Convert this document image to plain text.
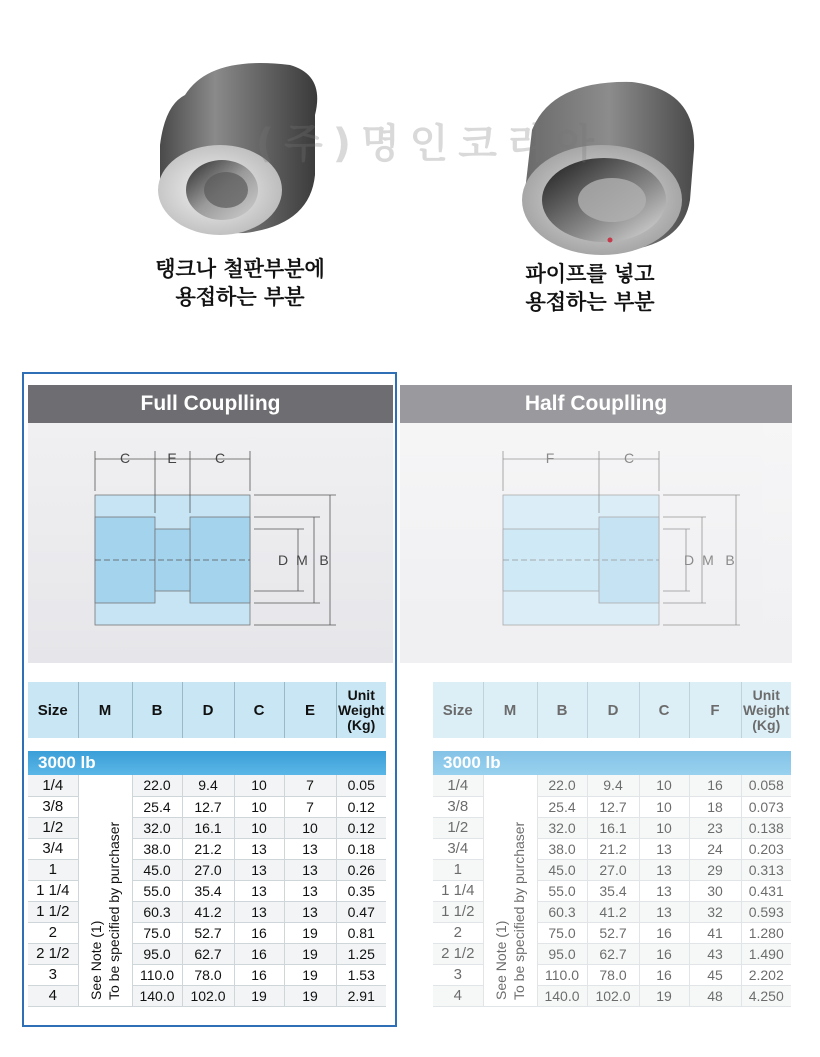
(주)명인코리아
탱크나 철판부분에
용접하는 부분
파이프를 넣고
용접하는 부분
Full Couplling
C	E	C
D M B
Size	M	B	D	C	E	Unit Weight (Kg)

3000 lb						
1/4	See Note (1) To be specified by purchaser	22.0	9.4	10	7	0.05
3/8		25.4	12.7	10	7	0.12
1/2		32.0	16.1	10	10	0.12
3/4		38.0	21.2	13	13	0.18
1		45.0	27.0	13	13	0.26
1 1/4		55.0	35.4	13	13	0.35
1 1/2		60.3	41.2	13	13	0.47
2		75.0	52.7	16	19	0.81
2 1/2		95.0	62.7	16	19	1.25
3		110.0	78.0	16	19	1.53
4		140.0	102.0	19	19	2.91
Half Couplling
F	C
D M B
Size	M	B	D	C	F	Unit Weight (Kg)

3000 lb						
1/4	See Note (1) To be specified by purchaser	22.0	9.4	10	16	0.058
3/8		25.4	12.7	10	18	0.073
1/2		32.0	16.1	10	23	0.138
3/4		38.0	21.2	13	24	0.203
1		45.0	27.0	13	29	0.313
1 1/4		55.0	35.4	13	30	0.431
1 1/2		60.3	41.2	13	32	0.593
2		75.0	52.7	16	41	1.280
2 1/2		95.0	62.7	16	43	1.490
3		110.0	78.0	16	45	2.202
4		140.0	102.0	19	48	4.250
